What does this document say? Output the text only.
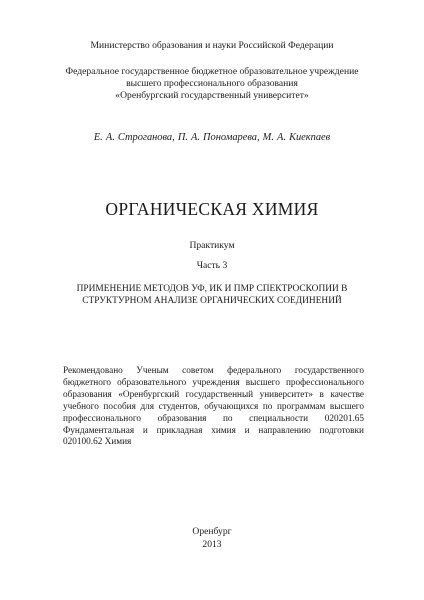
Министерство образования и науки Российской Федерации
Федеральное государственное бюджетное образовательное учреждение
высшего профессионального образования
«Оренбургский государственный университет»
Е. А. Строганова, П. А. Пономарева, М. А. Киекпаев
ОРГАНИЧЕСКАЯ ХИМИЯ
Практикум
Часть 3
ПРИМЕНЕНИЕ МЕТОДОВ УФ, ИК И ПМР СПЕКТРОСКОПИИ В
СТРУКТУРНОМ АНАЛИЗЕ ОРГАНИЧЕСКИХ СОЕДИНЕНИЙ
Рекомендовано Ученым советом федерального государственного бюджетного образовательного учреждения высшего профессионального образования «Оренбургский государственный университет» в качестве учебного пособия для студентов, обучающихся по программам высшего профессионального образования по специальности 020201.65 Фундаментальная и прикладная химия и направлению подготовки 020100.62 Химия
Оренбург
2013
